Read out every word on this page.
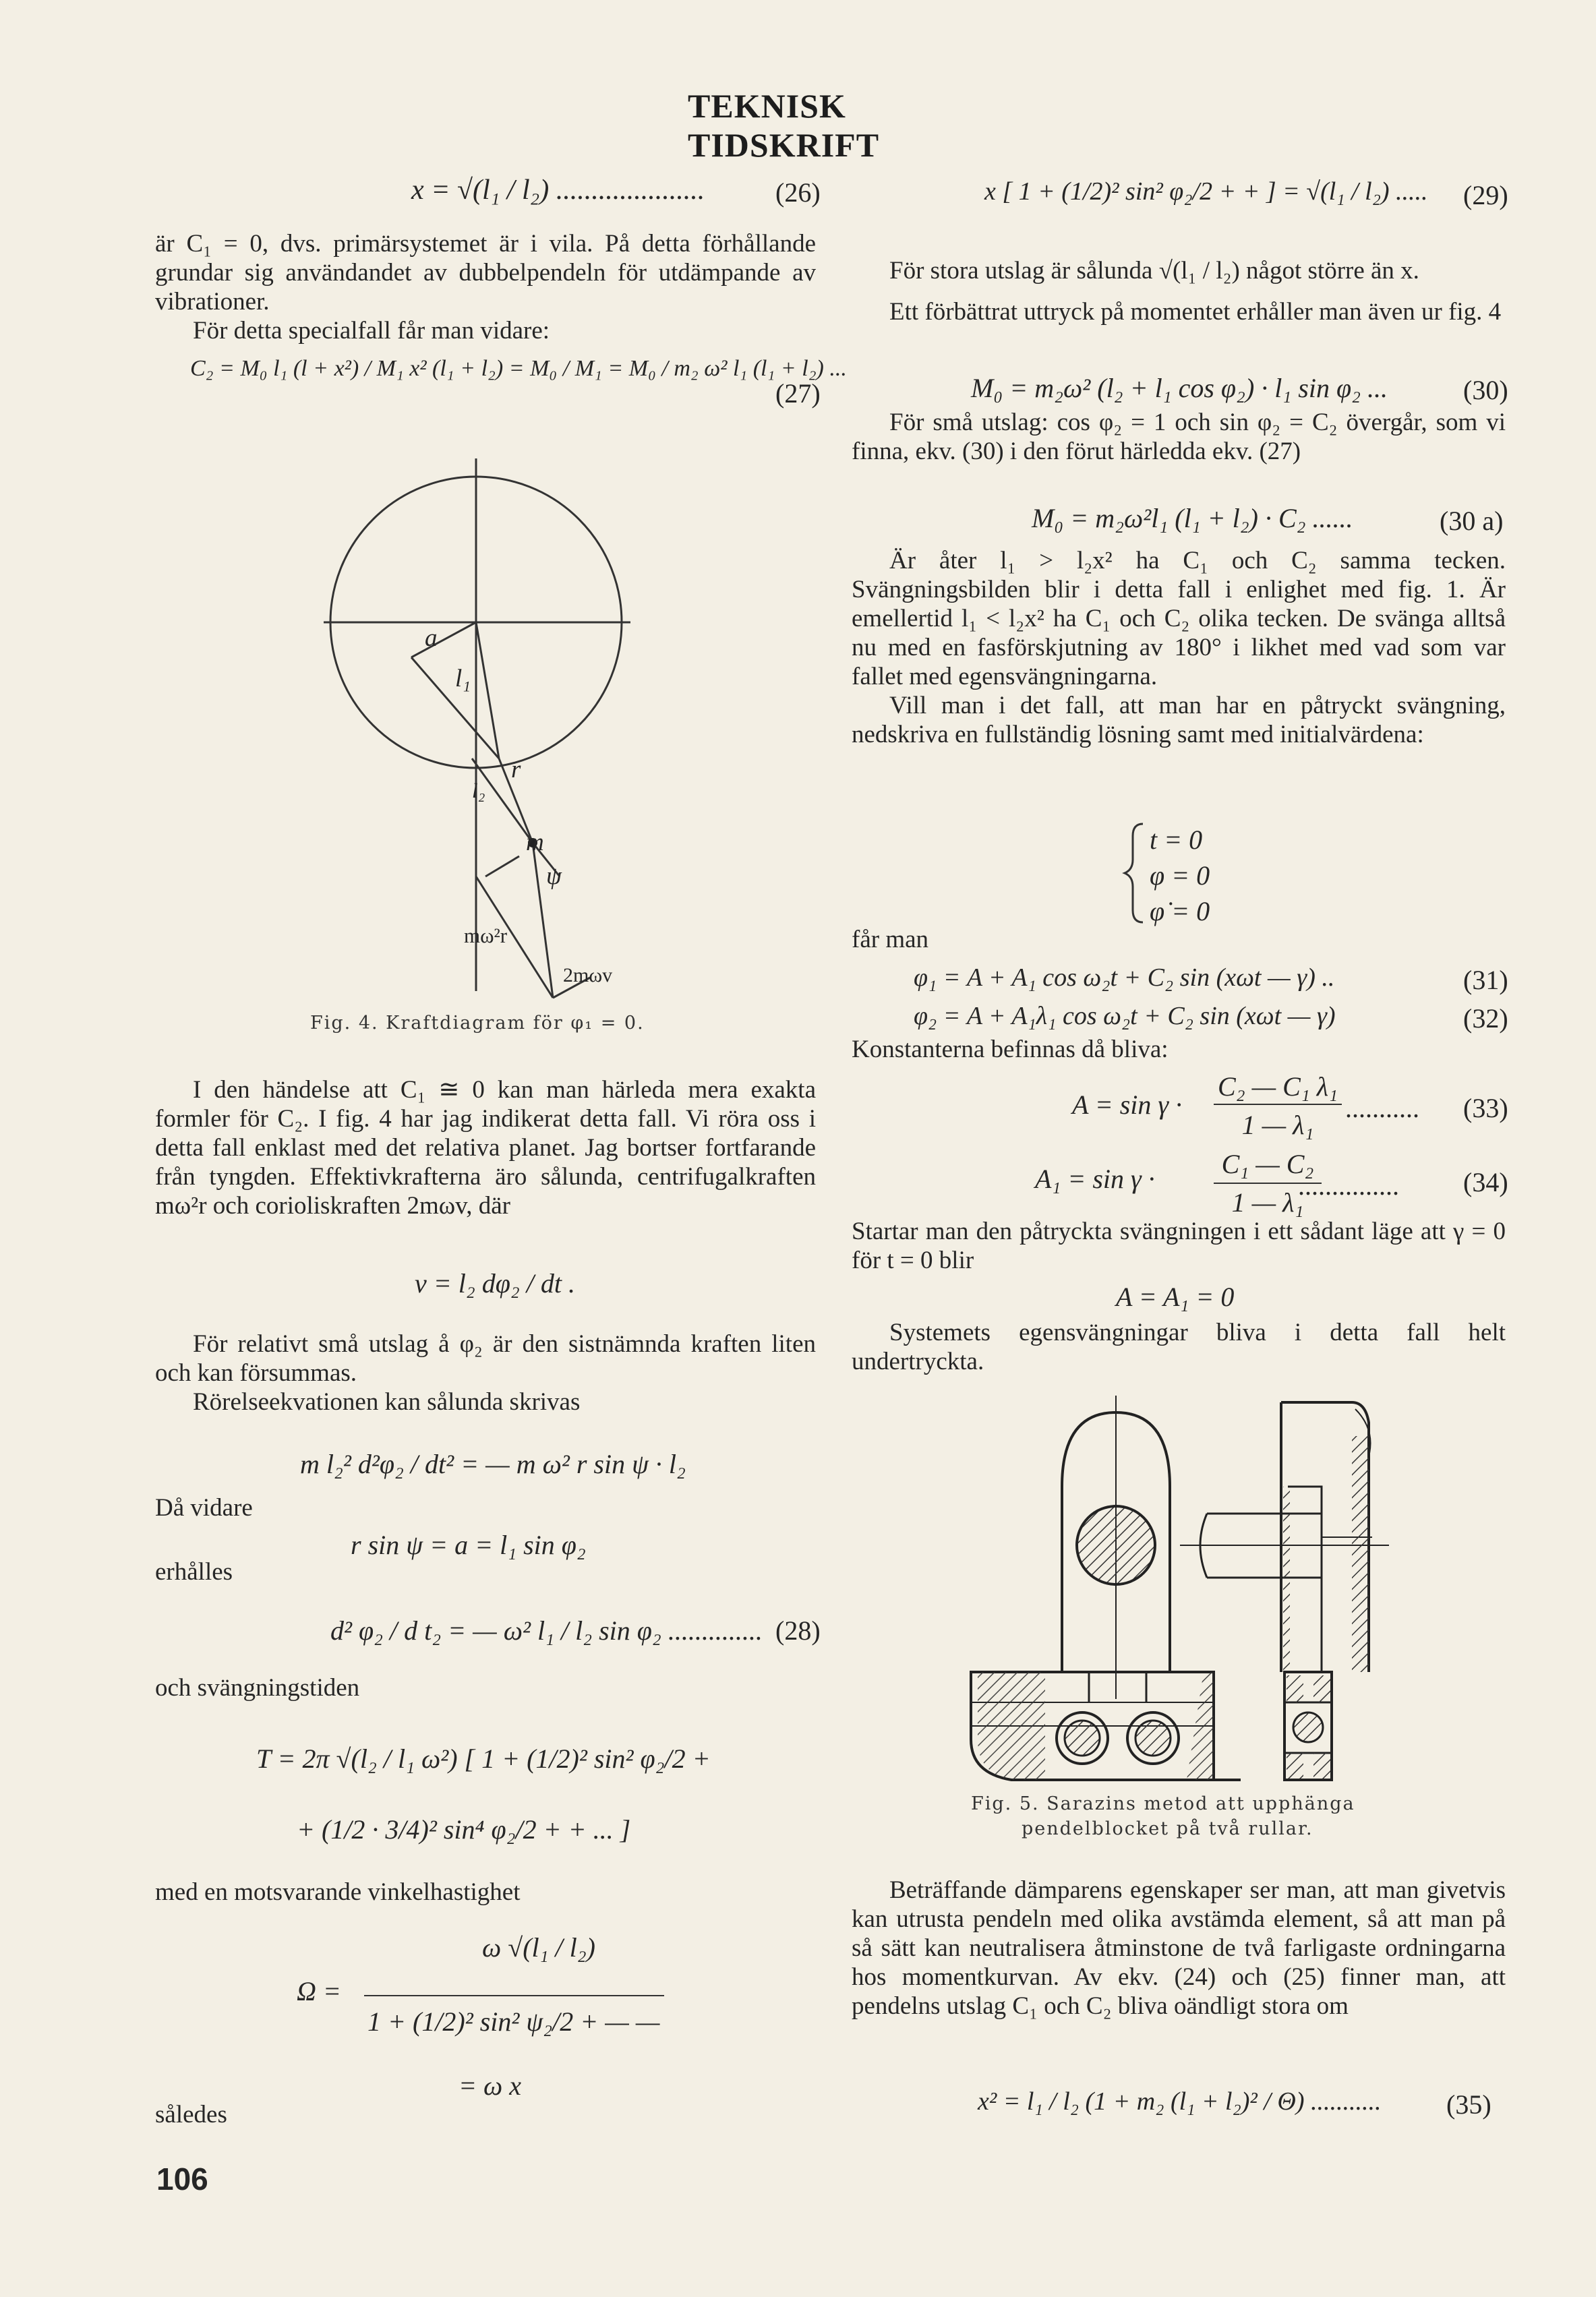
TEKNISK TIDSKRIFT
x = √(l₁ / l₂) .....................	(26)

är C₁ = 0, dvs. primärsystemet är i vila. På detta förhållande grundar sig användandet av dubbelpendeln för utdämpande av vibrationer.

För detta specialfall får man vidare:

C₂ = M₀ l₁ (l + x²) / M₁ x² (l₁ + l₂) = M₀ / M₁ = M₀ / m₂ ω² l₁ (l₁ + l₂) ...
(27)
a
l₁
l₂
r
m
ψ
mω²r
2mωv
Fig. 4. Kraftdiagram för φ₁ = 0.

I den händelse att C₁ ≅ 0 kan man härleda mera exakta formler för C₂. I fig. 4 har jag indikerat detta fall. Vi röra oss i detta fall enklast med det relativa planet. Jag bortser fortfarande från tyngden. Effektivkrafterna äro sålunda, centrifugalkraften mω²r och corioliskraften 2mωv, där

v = l₂ dφ₂ / dt .

För relativt små utslag å φ₂ är den sistnämnda kraften liten och kan försummas.

Rörelseekvationen kan sålunda skrivas

m l₂² d²φ₂ / dt² = — m ω² r sin ψ · l₂

Då vidare

r sin ψ = a = l₁ sin φ₂

erhålles

d² φ₂ / d t₂ = — ω² l₁ / l₂ sin φ₂ .............. (28)

och svängningstiden

T = 2π √(l₂ / l₁ ω²) [ 1 + (1/2)² sin² φ₂/2 +
+ (1/2 · 3/4)² sin⁴ φ₂/2 + + ... ]

med en motsvarande vinkelhastighet

Ω =
ω √(l₁ / l₂)
1 + (1/2)² sin² ψ₂/2 + — —
= ω x

således

106
x [ 1 + (1/2)² sin² φ₂/2 + + ] = √(l₁ / l₂) ..... (29)

För stora utslag är sålunda √(l₁ / l₂) något större än x.

Ett förbättrat uttryck på momentet erhåller man även ur fig. 4

M₀ = m₂ω² (l₂ + l₁ cos φ₂) · l₁ sin φ₂ ...	(30)

För små utslag: cos φ₂ = 1 och sin φ₂ = C₂ övergår, som vi finna, ekv. (30) i den förut härledda ekv. (27)

M₀ = m₂ω²l₁ (l₁ + l₂) · C₂ ......	(30 a)

Är åter l₁ > l₂x² ha C₁ och C₂ samma tecken. Svängningsbilden blir i detta fall i enlighet med fig. 1. Är emellertid l₁ < l₂x² ha C₁ och C₂ olika tecken. De svänga alltså nu med en fasförskjutning av 180° i likhet med vad som var fallet med egensvängningarna.

Vill man i det fall, att man har en påtryckt svängning, nedskriva en fullständig lösning samt med initialvärdena:

t = 0
φ = 0
φ̇ = 0

får man

φ₁ = A + A₁ cos ω₂t + C₂ sin (xωt — γ) ..	(31)
φ₂ = A + A₁λ₁ cos ω₂t + C₂ sin (xωt — γ)	(32)

Konstanterna befinnas då bliva:

A = sin γ ·
C₂ — C₁ λ₁
1 — λ₁
........... (33)
A₁ = sin γ · C₁ — C₂
1 — λ₁
............... (34)

Startar man den påtryckta svängningen i ett sådant läge att γ = 0 för t = 0 blir

A = A₁ = 0

Systemets egensvängningar bliva i detta fall helt undertryckta.

Fig. 5. Sarazins metod att upphänga
pendelblocket på två rullar.

Beträffande dämparens egenskaper ser man, att man givetvis kan utrusta pendeln med olika avstämda element, så att man på så sätt kan neutralisera åtminstone de två farligaste ordningarna hos momentkurvan. Av ekv. (24) och (25) finner man, att pendelns utslag C₁ och C₂ bliva oändligt stora om

x² = l₁ / l₂ (1 + m₂ (l₁ + l₂)² / Θ) ........... (35)
